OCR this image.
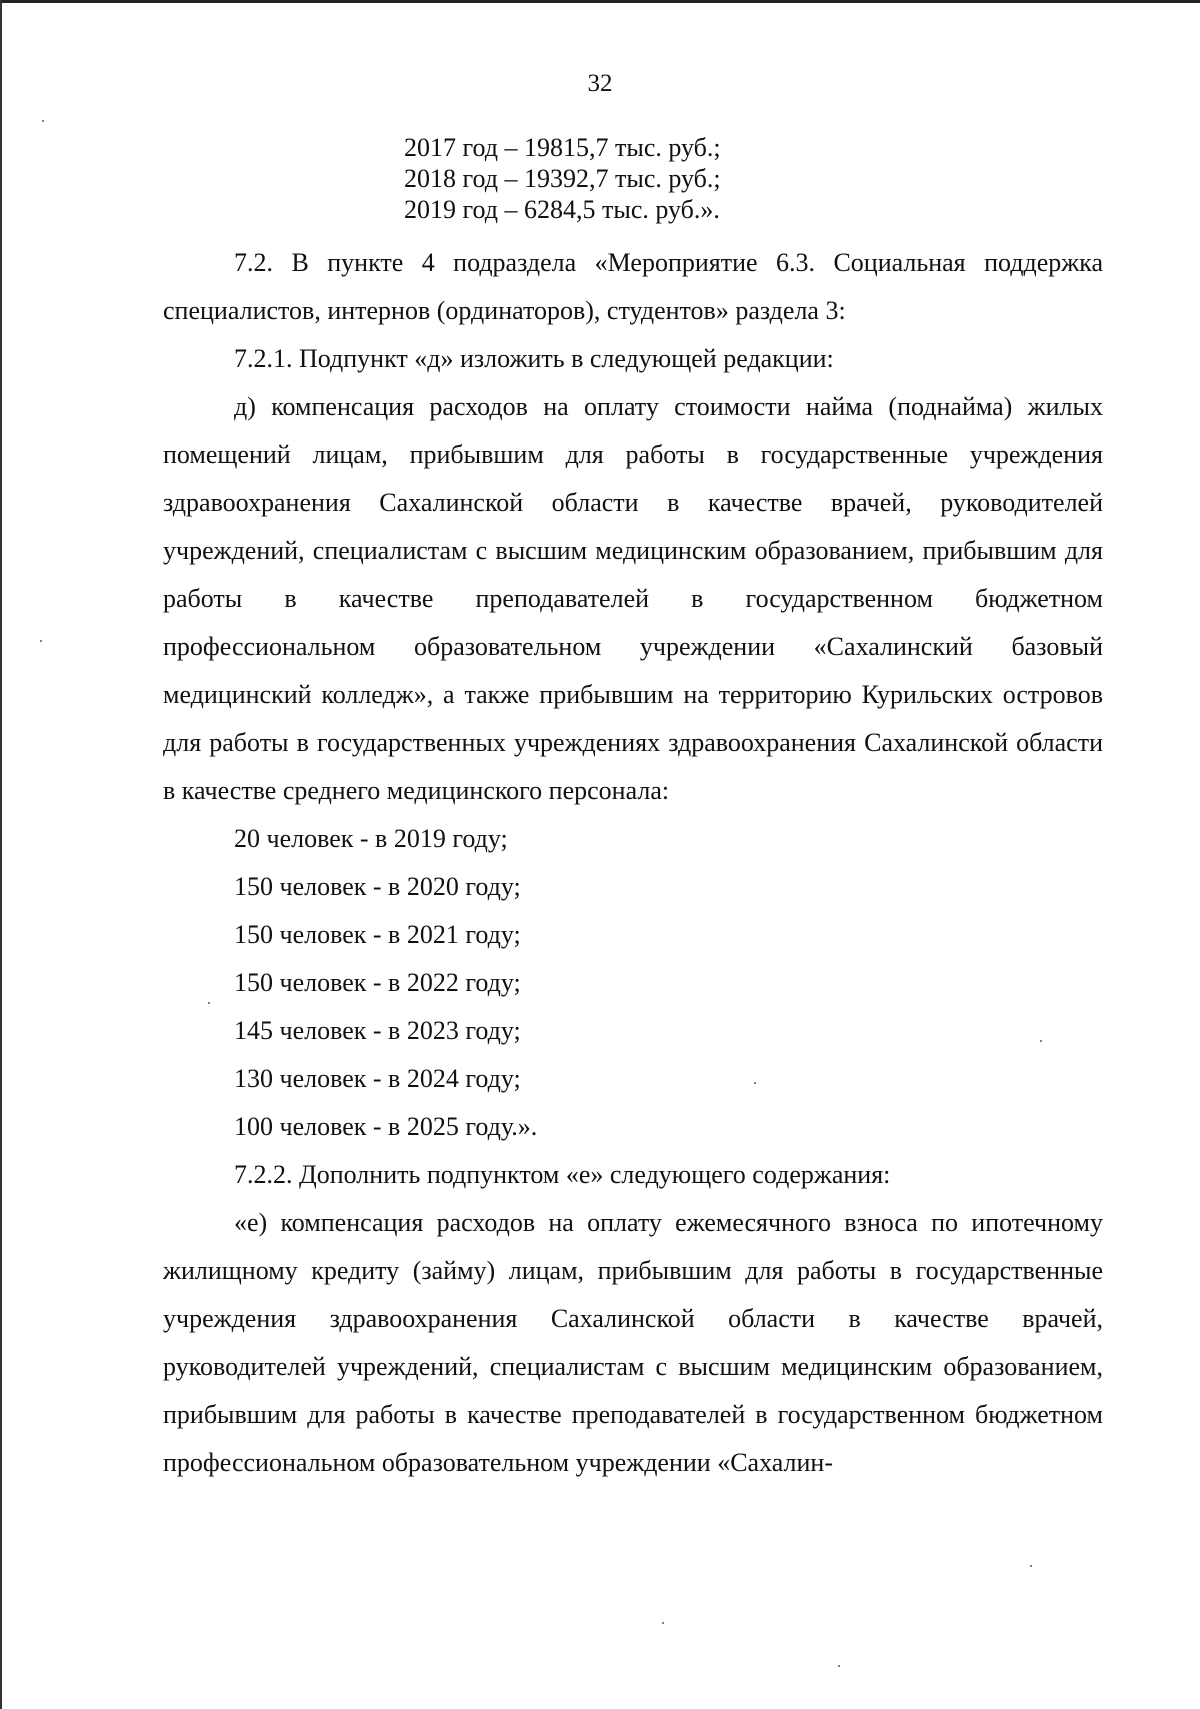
32
2017 год – 19815,7 тыс. руб.;
2018 год – 19392,7 тыс. руб.;
2019 год – 6284,5 тыс. руб.».

7.2. В пункте 4 подраздела «Мероприятие 6.3. Социальная поддержка специалистов, интернов (ординаторов), студентов» раздела 3:

7.2.1. Подпункт «д» изложить в следующей редакции:

д) компенсация расходов на оплату стоимости найма (поднайма) жилых помещений лицам, прибывшим для работы в государственные учреждения здравоохранения Сахалинской области в качестве врачей, руководителей учреждений, специалистам с высшим медицинским образованием, прибывшим для работы в качестве преподавателей в государственном бюджетном профессиональном образовательном учреждении «Сахалинский базовый медицинский колледж», а также прибывшим на территорию Курильских островов для работы в государственных учреждениях здравоохранения Сахалинской области в качестве среднего медицинского персонала:

20 человек - в 2019 году;
150 человек - в 2020 году;
150 человек - в 2021 году;
150 человек - в 2022 году;
145 человек - в 2023 году;
130 человек - в 2024 году;
100 человек - в 2025 году.».

7.2.2. Дополнить подпунктом «е» следующего содержания:

«е) компенсация расходов на оплату ежемесячного взноса по ипотечному жилищному кредиту (займу) лицам, прибывшим для работы в государственные учреждения здравоохранения Сахалинской области в качестве врачей, руководителей учреждений, специалистам с высшим медицинским образованием, прибывшим для работы в качестве преподавателей в государственном бюджетном профессиональном образовательном учреждении «Сахалин-
